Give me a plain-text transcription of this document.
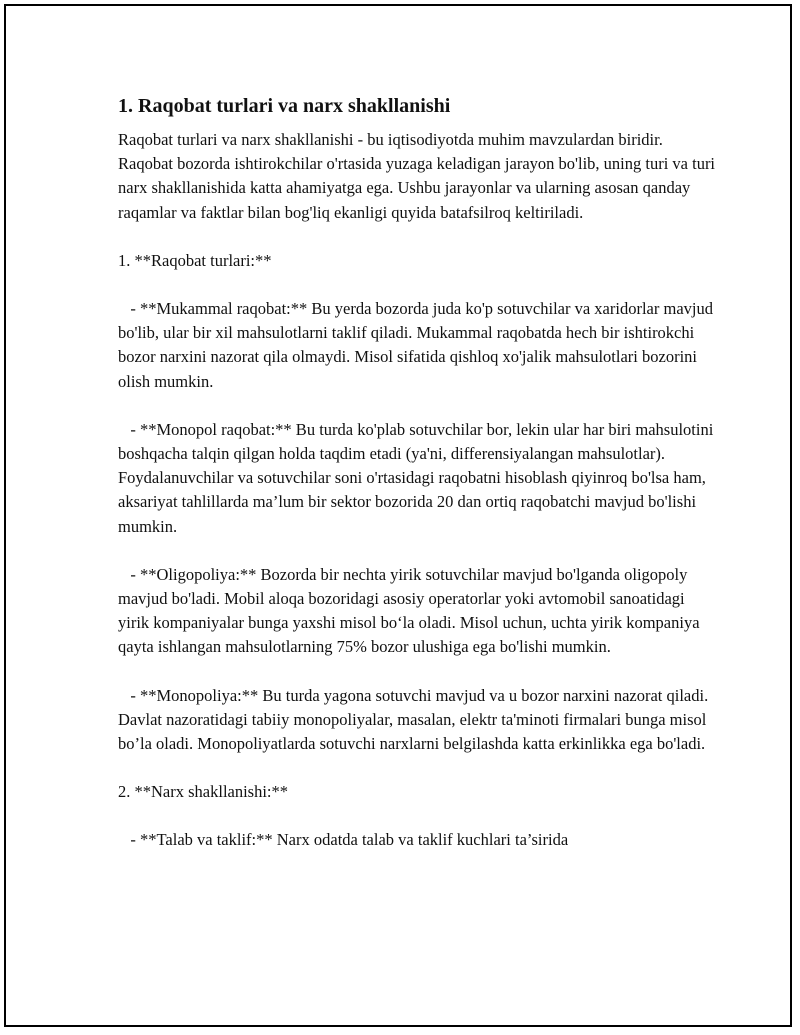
1. Raqobat turlari va narx shakllanishi

Raqobat turlari va narx shakllanishi - bu iqtisodiyotda muhim mavzulardan biridir. Raqobat bozorda ishtirokchilar o'rtasida yuzaga keladigan jarayon bo'lib, uning turi va turi narx shakllanishida katta ahamiyatga ega. Ushbu jarayonlar va ularning asosan qanday raqamlar va faktlar bilan bog'liq ekanligi quyida batafsilroq keltiriladi.

1. **Raqobat turlari:**

- **Mukammal raqobat:** Bu yerda bozorda juda ko'p sotuvchilar va xaridorlar mavjud bo'lib, ular bir xil mahsulotlarni taklif qiladi. Mukammal raqobatda hech bir ishtirokchi bozor narxini nazorat qila olmaydi. Misol sifatida qishloq xo'jalik mahsulotlari bozorini olish mumkin.

- **Monopol raqobat:** Bu turda ko'plab sotuvchilar bor, lekin ular har biri mahsulotini boshqacha talqin qilgan holda taqdim etadi (ya'ni, differensiyalangan mahsulotlar). Foydalanuvchilar va sotuvchilar soni o'rtasidagi raqobatni hisoblash qiyinroq bo'lsa ham, aksariyat tahlillarda ma’lum bir sektor bozorida 20 dan ortiq raqobatchi mavjud bo'lishi mumkin.

- **Oligopoliya:** Bozorda bir nechta yirik sotuvchilar mavjud bo'lganda oligopoly mavjud bo'ladi. Mobil aloqa bozoridagi asosiy operatorlar yoki avtomobil sanoatidagi yirik kompaniyalar bunga yaxshi misol bo‘la oladi. Misol uchun, uchta yirik kompaniya qayta ishlangan mahsulotlarning 75% bozor ulushiga ega bo'lishi mumkin.

- **Monopoliya:** Bu turda yagona sotuvchi mavjud va u bozor narxini nazorat qiladi. Davlat nazoratidagi tabiiy monopoliyalar, masalan, elektr ta'minoti firmalari bunga misol bo’la oladi. Monopoliyatlarda sotuvchi narxlarni belgilashda katta erkinlikka ega bo'ladi.

2. **Narx shakllanishi:**

- **Talab va taklif:** Narx odatda talab va taklif kuchlari ta’sirida
